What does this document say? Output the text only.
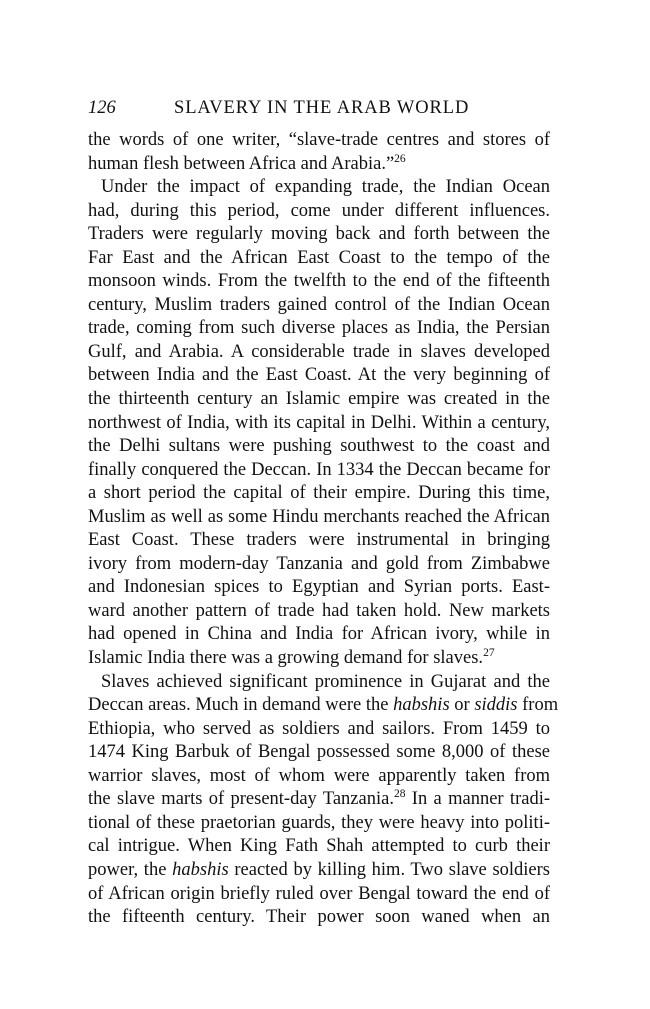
126	SLAVERY IN THE ARAB WORLD
the words of one writer, “slave-trade centres and stores of
human flesh between Africa and Arabia.”$^{26}$
Under the impact of expanding trade, the Indian Ocean
had, during this period, come under different influences.
Traders were regularly moving back and forth between the
Far East and the African East Coast to the tempo of the
monsoon winds. From the twelfth to the end of the fifteenth
century, Muslim traders gained control of the Indian Ocean
trade, coming from such diverse places as India, the Persian
Gulf, and Arabia. A considerable trade in slaves developed
between India and the East Coast. At the very beginning of
the thirteenth century an Islamic empire was created in the
northwest of India, with its capital in Delhi. Within a century,
the Delhi sultans were pushing southwest to the coast and
finally conquered the Deccan. In 1334 the Deccan became for
a short period the capital of their empire. During this time,
Muslim as well as some Hindu merchants reached the African
East Coast. These traders were instrumental in bringing
ivory from modern-day Tanzania and gold from Zimbabwe
and Indonesian spices to Egyptian and Syrian ports. East-
ward another pattern of trade had taken hold. New markets
had opened in China and India for African ivory, while in
Islamic India there was a growing demand for slaves.$^{27}$
Slaves achieved significant prominence in Gujarat and the
Deccan areas. Much in demand were the habshis or siddis from
Ethiopia, who served as soldiers and sailors. From 1459 to
1474 King Barbuk of Bengal possessed some 8,000 of these
warrior slaves, most of whom were apparently taken from
the slave marts of present-day Tanzania.$^{28}$ In a manner tradi-
tional of these praetorian guards, they were heavy into politi-
cal intrigue. When King Fath Shah attempted to curb their
power, the habshis reacted by killing him. Two slave soldiers
of African origin briefly ruled over Bengal toward the end of
the fifteenth century. Their power soon waned when an
